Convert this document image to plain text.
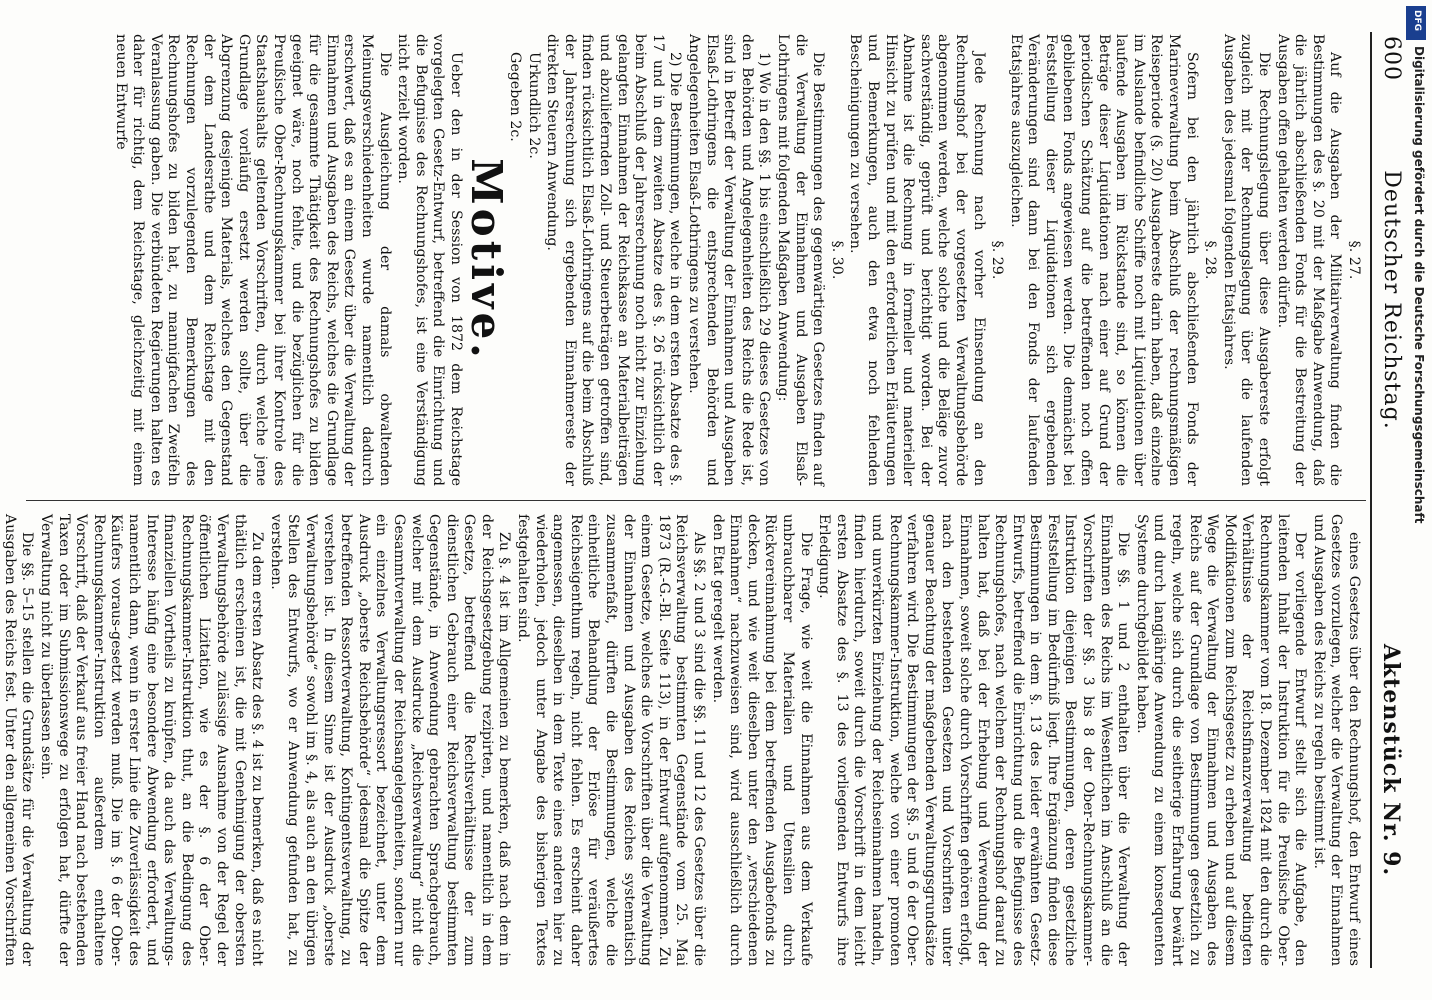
600
Deutscher Reichstag.
Aktenstück Nr. 9.

§. 27.

Auf die Ausgaben der Militairverwaltung finden die Bestimmungen des §. 20 mit der Maßgabe Anwendung, daß die jährlich abschließenden Fonds für die Bestreitung der Ausgaben offen gehalten werden dürfen.

Die Rechnungslegung über diese Ausgabereste erfolgt zugleich mit der Rechnungslegung über die laufenden Ausgaben des jedesmal folgenden Etatsjahres.

§. 28.

Sofern bei den jährlich abschließenden Fonds der Marineverwaltung beim Abschluß der rechnungsmäßigen Reiseperiode (§. 20) Ausgabereste darin haben, daß einzelne im Auslande befindliche Schiffe noch mit Liquidationen über laufende Ausgaben im Rückstande sind, so können die Beträge dieser Liquidationen nach einer auf Grund der periodischen Schätzung auf die betreffenden noch offen gebliebenen Fonds angewiesen werden. Die demnächst bei Feststellung dieser Liquidationen sich ergebenden Veränderungen sind dann bei den Fonds der laufenden Etatsjahres auszugleichen.

§. 29.

Jede Rechnung nach vorher Einsendung an den Rechnungshof bei der vorgesetzten Verwaltungsbehörde abgenommen werden, welche solche und die Beläge zuvor sachverständig, geprüft und berichtigt worden. Bei der Abnahme ist die Rechnung in formeller und materieller Hinsicht zu prüfen und mit den erforderlichen Erläuterungen und Bemerkungen, auch den etwa noch fehlenden Bescheinigungen zu versehen.

§. 30.

Die Bestimmungen des gegenwärtigen Gesetzes finden auf die Verwaltung der Einnahmen und Ausgaben Elsaß-Lothringens mit folgenden Maßgaben Anwendung:

1) Wo in den §§. 1 bis einschließlich 29 dieses Gesetzes von den Behörden und Angelegenheiten des Reichs die Rede ist, sind in Betreff der Verwaltung der Einnahmen und Ausgaben Elsaß-Lothringens die entsprechenden Behörden und Angelegenheiten Elsaß-Lothringens zu verstehen.

2) Die Bestimmungen, welche in dem ersten Absatze des §. 17 und in dem zweiten Absatze des §. 26 rücksichtlich der beim Abschluß der Jahresrechnung noch nicht zur Einziehung gelangten Einnahmen der Reichskasse an Materialbeiträgen und abzuliefernden Zoll- und Steuerbeträgen getroffen sind, finden rücksichtlich Elsaß-Lothringens auf die beim Abschluß der Jahresrechnung sich ergebenden Einnahmereste der direkten Steuern Anwendung.

Urkundlich 2c.

Gegeben 2c.

Motive.

Ueber den in der Session von 1872 dem Reichstage vorgelegten Gesetz-Entwurf, betreffend die Einrichtung und die Befugnisse des Rechnungshofes, ist eine Verständigung nicht erzielt worden.

Die Ausgleichung der damals obwaltenden Meinungsverschiedenheiten wurde namentlich dadurch erschwert, daß es an einem Gesetz über die Verwaltung der Einnahmen und Ausgaben des Reichs, welches die Grundlage für die gesammte Thätigkeit des Rechnungshofes zu bilden geeignet wäre, noch fehlte, und die bezüglichen für die Preußische Ober-Rechnungskammer bei ihrer Kontrole des Staatshaushalts geltenden Vorschriften, durch welche jene Grundlage vorläufig ersetzt werden sollte, über die Abgrenzung desjenigen Materials, welches den Gegenstand der dem Landesrathe und dem Reichstage mit den Rechnungen vorzulegenden Bemerkungen des Rechnungshofes zu bilden hat, zu mannigfachen Zweifeln Veranlassung gaben. Die verbündeten Regierungen halten es daher für richtig, dem Reichstage, gleichzeitig mit einem neuen Entwurfe

eines Gesetzes über den Rechnungshof, den Entwurf eines Gesetzes vorzulegen, welcher die Verwaltung der Einnahmen und Ausgaben des Reichs zu regeln bestimmt ist.

Der vorliegende Entwurf stellt sich die Aufgabe, den leitenden Inhalt der Instruktion für die Preußische Ober-Rechnungskammer vom 18. Dezember 1824 mit den durch die Verhältnisse der Reichsfinanzverwaltung bedingten Modifikationen zum Reichsgesetz zu erheben und auf diesem Wege die Verwaltung der Einnahmen und Ausgaben des Reichs auf der Grundlage von Bestimmungen gesetzlich zu regeln, welche sich durch die seitherige Erfahrung bewährt und durch langjährige Anwendung zu einem konsequenten Systeme durchgebildet haben.

Die §§. 1 und 2 enthalten über die Verwaltung der Einnahmen des Reichs im Wesentlichen im Anschluß an die Vorschriften der §§. 3 bis 8 der Ober-Rechnungskammer-Instruktion diejenigen Bestimmungen, deren gesetzliche Feststellung im Bedürfniß liegt. Ihre Ergänzung finden diese Bestimmungen in dem §. 13 des leider erwähnten Gesetz-Entwurfs, betreffend die Einrichtung und die Befugnisse des Rechnungshofes, nach welchem der Rechnungshof darauf zu halten hat, daß bei der Erhebung und Verwendung der Einnahmen, soweit solche durch Vorschriften gehören erfolgt, nach den bestehenden Gesetzen und Vorschriften unter genauer Beachtung der maßgebenden Verwaltungsgrundsätze verfahren wird. Die Bestimmungen der §§. 5 und 6 der Ober-Rechnungskammer-Instruktion, welche von einer promoten und unverkürzten Einziehung der Reichseinnahmen handeln, finden hierdurch, soweit durch die Vorschrift in dem leicht ersten Absatze des §. 13 des vorliegenden Entwurfs ihre Erledigung.

Die Frage, wie weit die Einnahmen aus dem Verkaufe unbrauchbarer Materialien und Utensilien durch Rückvereinnahmung bei dem betreffenden Ausgabefonds zu decken, und wie weit dieselben unter den „verschiedenen Einnahmen“ nachzuweisen sind, wird ausschließlich durch den Etat geregelt werden.

Als §§. 2 und 3 sind die §§. 11 und 12 des Gesetzes über die Reichsverwaltung bestimmten Gegenstände vom 25. Mai 1873 (R.-G.-Bl. Seite 113), in der Entwurf aufgenommen. Zu einem Gesetze, welches die Vorschriften über die Verwaltung der Einnahmen und Ausgaben des Reiches systematisch zusammenfaßt, dürften die Bestimmungen, welche die einheitliche Behandlung der Erlöse für veräußertes Reichseigenthum regeln, nicht fehlen. Es erscheint daher angemessen, dieselben in dem Texte eines anderen hier zu wiederholen, jedoch unter Angabe des bisherigen Textes festgehalten sind.

Zu §. 4 ist im Allgemeinen zu bemerken, daß nach dem in der Reichsgesetzgebung rezipirten, und namentlich in dem Gesetze, betreffend die Rechtsverhältnisse der zum dienstlichen Gebrauch einer Reichsverwaltung bestimmten Gegenstände, in Anwendung gebrachten Sprachgebrauch, welcher mit dem Ausdrucke „Reichsverwaltung“ nicht die Gesammtverwaltung der Reichsangelegenheiten, sondern nur ein einzelnes Verwaltungsressort bezeichnet, unter dem Ausdruck „oberste Reichsbehörde“ jedesmal die Spitze der betreffenden Ressortverwaltung, Kontingentsverwaltung, zu verstehen ist. In diesem Sinne ist der Ausdruck „oberste Verwaltungsbehörde“ sowohl im §. 4, als auch an den übrigen Stellen des Entwurfs, wo er Anwendung gefunden hat, zu verstehen.

Zu dem ersten Absatz des §. 4 ist zu bemerken, daß es nicht thätlich erscheinen ist, die mit Genehmigung der obersten Verwaltungsbehörde zulässige Ausnahme von der Regel der öffentlichen Lizitation, wie es der §. 6 der Ober-Rechnungskammer-Instruktion thut, an die Bedingung des finanziellen Vortheils zu knüpfen, da auch das Verwaltungs-Interesse häufig eine besondere Abwendung erfordert, und namentlich dann, wenn in erster Linie die Zuverlässigkeit des Käufers voraus-gesetzt werden muß. Die im §. 6 der Ober-Rechnungskammer-Instruktion außerdem enthaltene Vorschrift, daß der Verkauf aus freier Hand nach bestehenden Taxen oder im Submissionswege zu erfolgen hat, dürfte der Verwaltung nicht zu überlassen sein.

Die §§. 5–15 stellen die Grundsätze für die Verwaltung der Ausgaben des Reichs fest. Unter den allgemeinen Vorschriften

DFG
Digitalisierung gefördert durch die Deutsche Forschungsgemeinschaft
